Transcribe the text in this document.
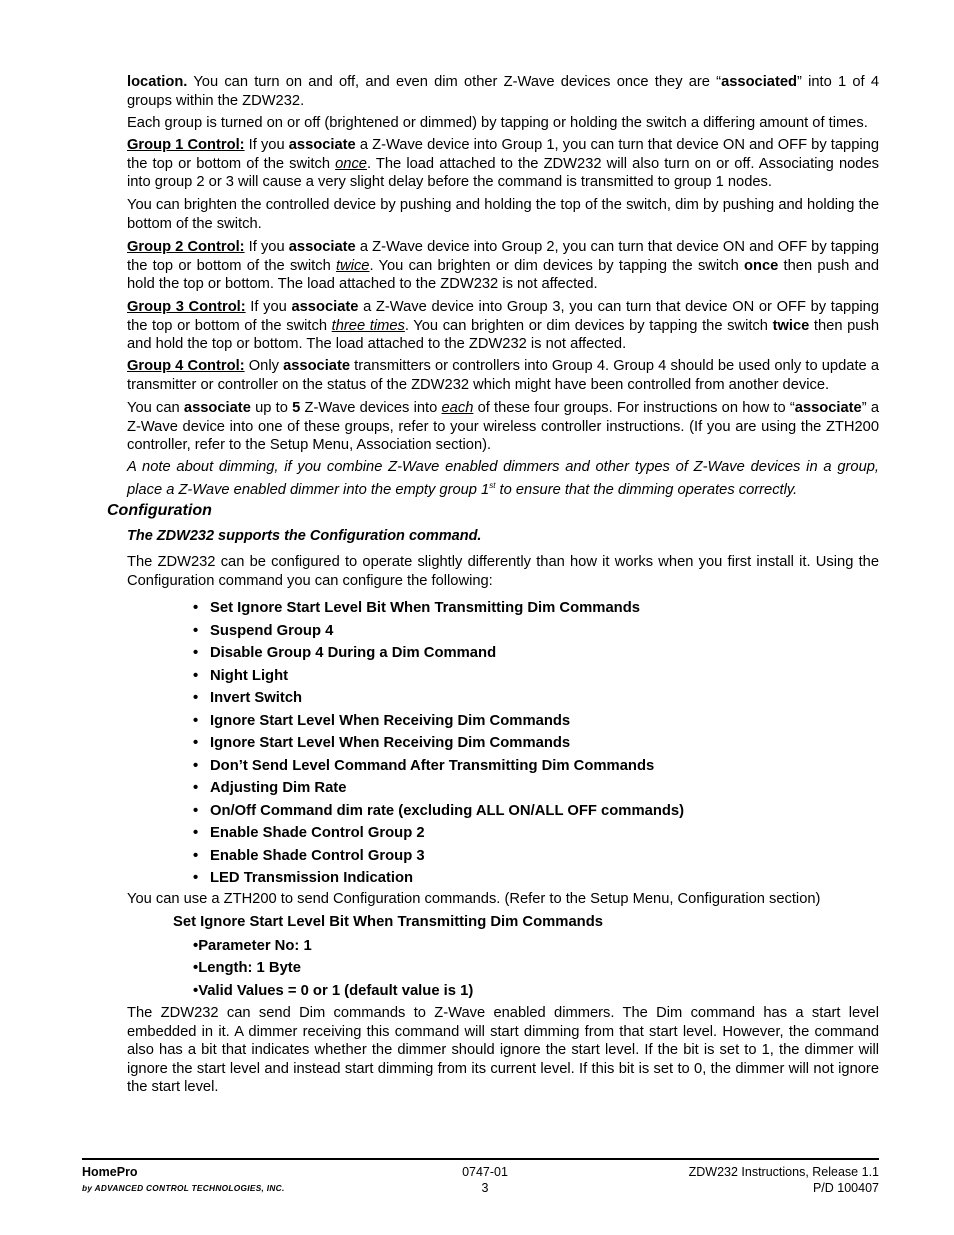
location. You can turn on and off, and even dim other Z-Wave devices once they are “associated” into 1 of 4 groups within the ZDW232.

Each group is turned on or off (brightened or dimmed) by tapping or holding the switch a differing amount of times.

Group 1 Control: If you associate a Z-Wave device into Group 1, you can turn that device ON and OFF by tapping the top or bottom of the switch once. The load attached to the ZDW232 will also turn on or off. Associating nodes into group 2 or 3 will cause a very slight delay before the command is transmitted to group 1 nodes.

You can brighten the controlled device by pushing and holding the top of the switch, dim by pushing and holding the bottom of the switch.

Group 2 Control: If you associate a Z-Wave device into Group 2, you can turn that device ON and OFF by tapping the top or bottom of the switch twice. You can brighten or dim devices by tapping the switch once then push and hold the top or bottom. The load attached to the ZDW232 is not affected.

Group 3 Control: If you associate a Z-Wave device into Group 3, you can turn that device ON or OFF by tapping the top or bottom of the switch three times. You can brighten or dim devices by tapping the switch twice then push and hold the top or bottom. The load attached to the ZDW232 is not affected.

Group 4 Control: Only associate transmitters or controllers into Group 4. Group 4 should be used only to update a transmitter or controller on the status of the ZDW232 which might have been controlled from another device.

You can associate up to 5 Z-Wave devices into each of these four groups. For instructions on how to “associate” a Z-Wave device into one of these groups, refer to your wireless controller instructions. (If you are using the ZTH200 controller, refer to the Setup Menu, Association section).

A note about dimming, if you combine Z-Wave enabled dimmers and other types of Z-Wave devices in a group, place a Z-Wave enabled dimmer into the empty group 1st to ensure that the dimming operates correctly.

Configuration
The ZDW232 supports the Configuration command.

The ZDW232 can be configured to operate slightly differently than how it works when you first install it. Using the Configuration command you can configure the following:

• Set Ignore Start Level Bit When Transmitting Dim Commands
• Suspend Group 4
• Disable Group 4 During a Dim Command
• Night Light
• Invert Switch
• Ignore Start Level When Receiving Dim Commands
• Ignore Start Level When Receiving Dim Commands
• Don’t Send Level Command After Transmitting Dim Commands
• Adjusting Dim Rate
• On/Off Command dim rate (excluding ALL ON/ALL OFF commands)
• Enable Shade Control Group 2
• Enable Shade Control Group 3
• LED Transmission Indication

You can use a ZTH200 to send Configuration commands. (Refer to the Setup Menu, Configuration section)

Set Ignore Start Level Bit When Transmitting Dim Commands
•Parameter No: 1
•Length: 1 Byte
•Valid Values = 0 or 1 (default value is 1)

The ZDW232 can send Dim commands to Z-Wave enabled dimmers. The Dim command has a start level embedded in it. A dimmer receiving this command will start dimming from that start level. However, the command also has a bit that indicates whether the dimmer should ignore the start level. If the bit is set to 1, the dimmer will ignore the start level and instead start dimming from its current level. If this bit is set to 0, the dimmer will not ignore the start level.

HomePro
by ADVANCED CONTROL TECHNOLOGIES, INC.
0747-01
3
ZDW232 Instructions, Release 1.1
P/D 100407
